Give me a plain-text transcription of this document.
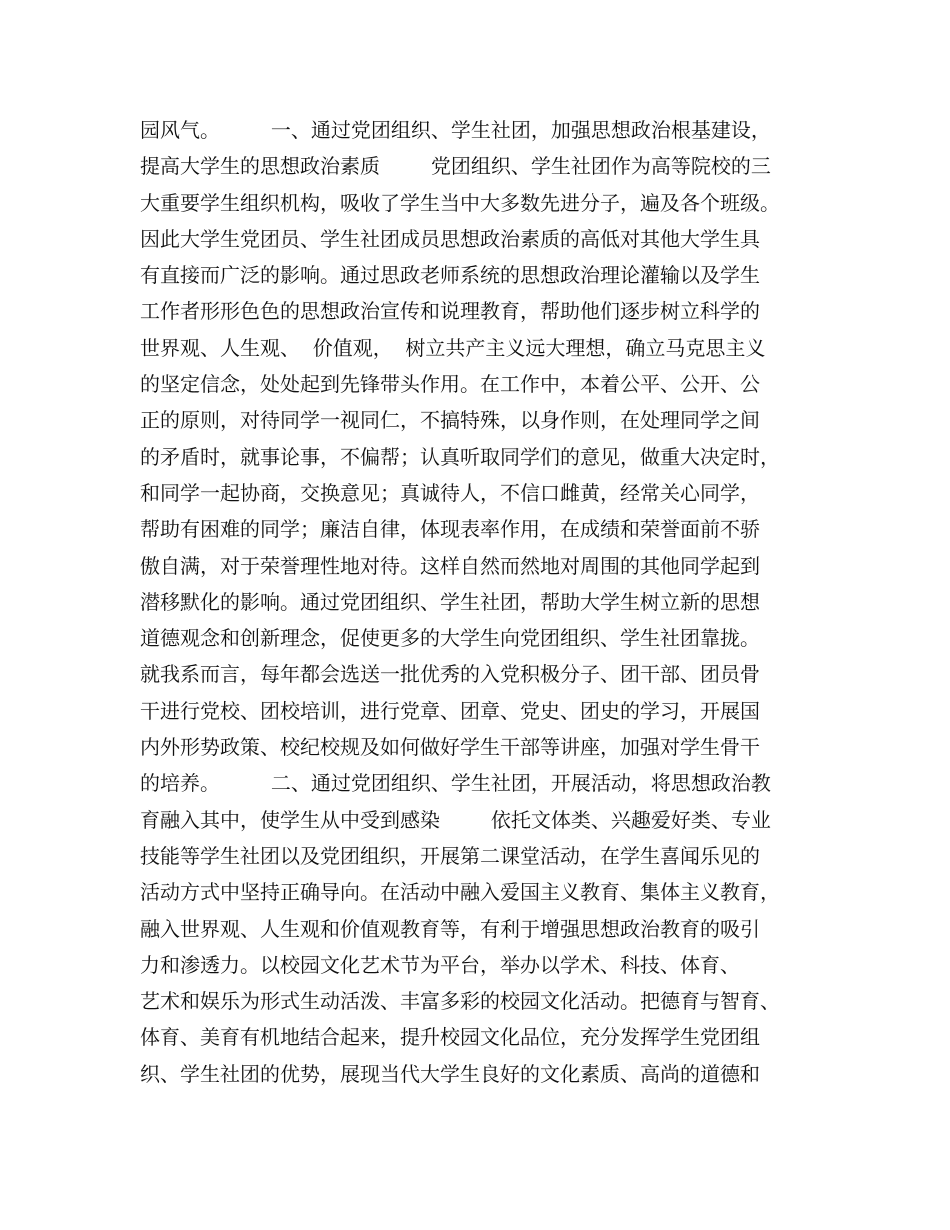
园风气。        一、通过党团组织、学生社团，加强思想政治根基建设，
提高大学生的思想政治素质        党团组织、学生社团作为高等院校的三
大重要学生组织机构，吸收了学生当中大多数先进分子，遍及各个班级。
因此大学生党团员、学生社团成员思想政治素质的高低对其他大学生具
有直接而广泛的影响。通过思政老师系统的思想政治理论灌输以及学生
工作者形形色色的思想政治宣传和说理教育，帮助他们逐步树立科学的
世界观、人生观、  价值观，  树立共产主义远大理想，确立马克思主义
的坚定信念，处处起到先锋带头作用。在工作中，本着公平、公开、公
正的原则，对待同学一视同仁，不搞特殊，以身作则，在处理同学之间
的矛盾时，就事论事，不偏帮；认真听取同学们的意见，做重大决定时，
和同学一起协商，交换意见；真诚待人，不信口雌黄，经常关心同学，
帮助有困难的同学；廉洁自律，体现表率作用，在成绩和荣誉面前不骄
傲自满，对于荣誉理性地对待。这样自然而然地对周围的其他同学起到
潜移默化的影响。通过党团组织、学生社团，帮助大学生树立新的思想
道德观念和创新理念，促使更多的大学生向党团组织、学生社团靠拢。
就我系而言，每年都会选送一批优秀的入党积极分子、团干部、团员骨
干进行党校、团校培训，进行党章、团章、党史、团史的学习，开展国
内外形势政策、校纪校规及如何做好学生干部等讲座，加强对学生骨干
的培养。        二、通过党团组织、学生社团，开展活动，将思想政治教
育融入其中，使学生从中受到感染        依托文体类、兴趣爱好类、专业
技能等学生社团以及党团组织，开展第二课堂活动，在学生喜闻乐见的
活动方式中坚持正确导向。在活动中融入爱国主义教育、集体主义教育，
融入世界观、人生观和价值观教育等，有利于增强思想政治教育的吸引
力和渗透力。以校园文化艺术节为平台，举办以学术、科技、体育、
艺术和娱乐为形式生动活泼、丰富多彩的校园文化活动。把德育与智育、
体育、美育有机地结合起来，提升校园文化品位，充分发挥学生党团组
织、学生社团的优势，展现当代大学生良好的文化素质、高尚的道德和
